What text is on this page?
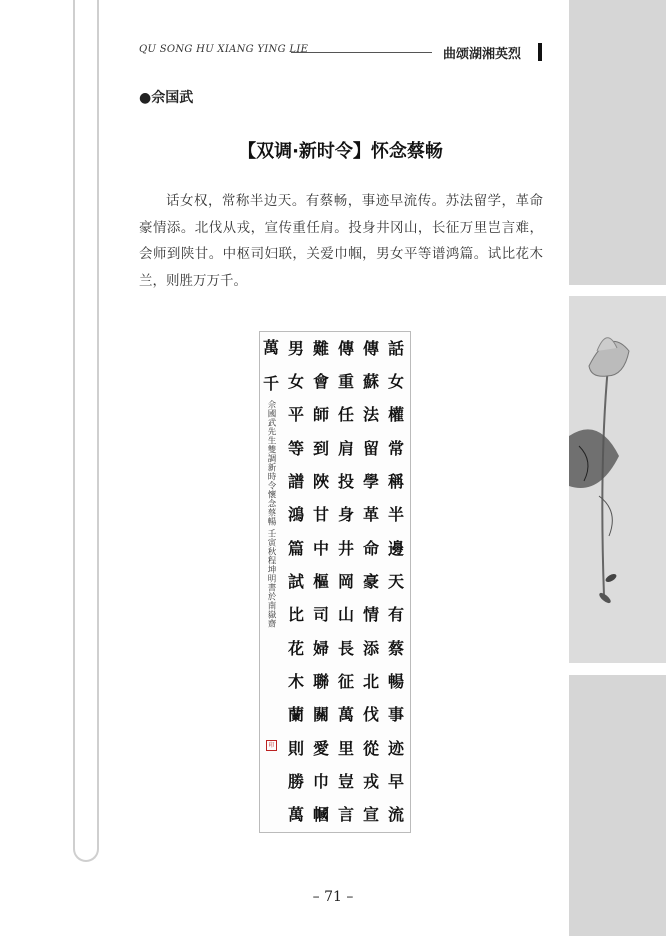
QU SONG HU XIANG YING LIE	曲颂湖湘英烈
●佘国武
【双调·新时令】怀念蔡畅
话女权，常称半边天。有蔡畅，事迹早流传。苏法留学，革命豪情添。北伐从戎，宣传重任肩。投身井冈山，长征万里岂言难，会师到陕甘。中枢司妇联，关爱巾帼，男女平等谱鸿篇。试比花木兰，则胜万万千。
佘國武先生雙調新時令懷念蔡暢 壬寅秋程坤明書於南嶽齋
印
話
女
權
常
稱
半
邊
天
有
蔡
暢
事
迹
早
流
傳
蘇
法
留
學
革
命
豪
情
添
北
伐
從
戎
宣
傳
重
任
肩
投
身
井
岡
山
長
征
萬
里
豈
言
難
會
師
到
陜
甘
中
樞
司
婦
聯
關
愛
巾
幗
男
女
平
等
譜
鴻
篇
試
比
花
木
蘭
則
勝
萬
萬
千
– 71 –
